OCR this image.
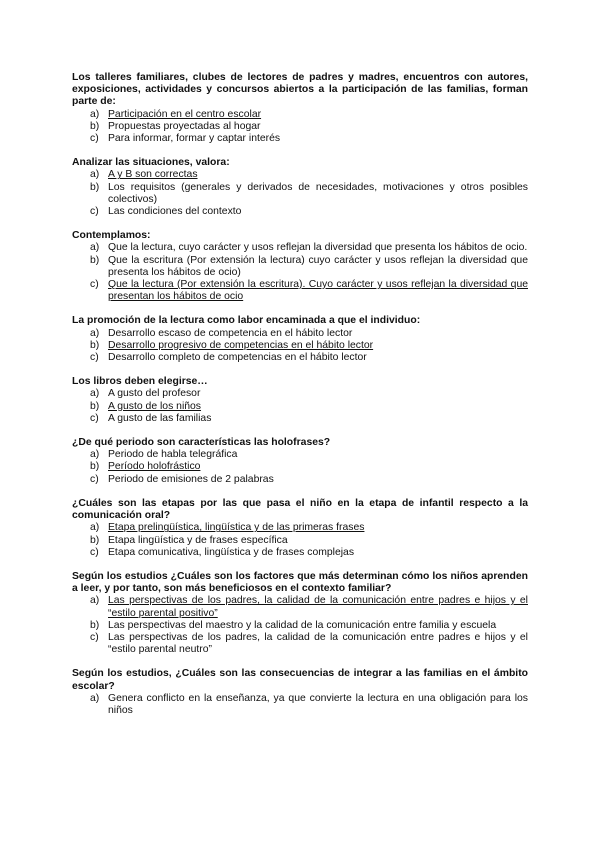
Los talleres familiares, clubes de lectores de padres y madres, encuentros con autores, exposiciones, actividades y concursos abiertos a la participación de las familias, forman parte de:
a) Participación en el centro escolar
b) Propuestas proyectadas al hogar
c) Para informar, formar y captar interés
Analizar las situaciones, valora:
a) A y B son correctas
b) Los requisitos (generales y derivados de necesidades, motivaciones y otros posibles colectivos)
c) Las condiciones del contexto
Contemplamos:
a) Que la lectura, cuyo carácter y usos reflejan la diversidad que presenta los hábitos de ocio.
b) Que la escritura (Por extensión la lectura) cuyo carácter y usos reflejan la diversidad que presenta los hábitos de ocio)
c) Que la lectura (Por extensión la escritura). Cuyo carácter y usos reflejan la diversidad que presentan los hábitos de ocio
La promoción de la lectura como labor encaminada a que el individuo:
a) Desarrollo escaso de competencia en el hábito lector
b) Desarrollo progresivo de competencias en el hábito lector
c) Desarrollo completo de competencias en el hábito lector
Los libros deben elegirse…
a) A gusto del profesor
b) A gusto de los niños
c) A gusto de las familias
¿De qué periodo son características las holofrases?
a) Periodo de habla telegráfica
b) Período holofrástico
c) Periodo de emisiones de 2 palabras
¿Cuáles son las etapas por las que pasa el niño en la etapa de infantil respecto a la comunicación oral?
a) Etapa prelingüística, lingüística y de las primeras frases
b) Etapa lingüística y de frases específica
c) Etapa comunicativa, lingüística y de frases complejas
Según los estudios ¿Cuáles son los factores que más determinan cómo los niños aprenden a leer, y por tanto, son más beneficiosos en el contexto familiar?
a) Las perspectivas de los padres, la calidad de la comunicación entre padres e hijos y el “estilo parental positivo”
b) Las perspectivas del maestro y la calidad de la comunicación entre familia y escuela
c) Las perspectivas de los padres, la calidad de la comunicación entre padres e hijos y el “estilo parental neutro”
Según los estudios, ¿Cuáles son las consecuencias de integrar a las familias en el ámbito escolar?
a) Genera conflicto en la enseñanza, ya que convierte la lectura en una obligación para los niños
